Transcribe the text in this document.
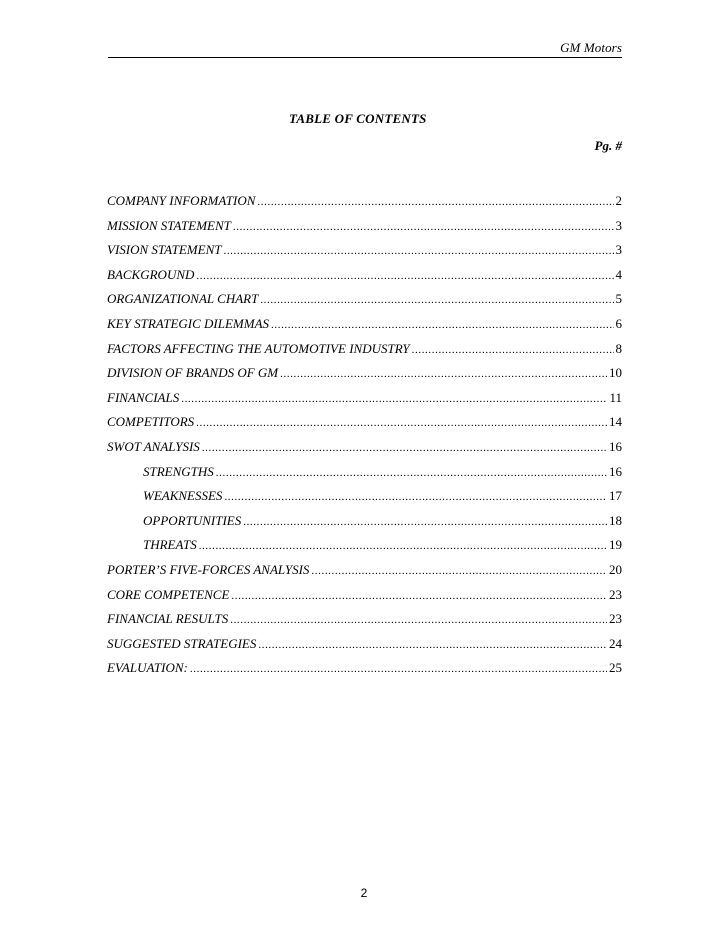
GM Motors
TABLE OF CONTENTS
Pg. #
COMPANY INFORMATION .....	2
MISSION STATEMENT .....	3
VISION STATEMENT .....	3
BACKGROUND .....	4
ORGANIZATIONAL CHART .....	5
KEY STRATEGIC DILEMMAS .....	6
FACTORS AFFECTING THE AUTOMOTIVE INDUSTRY .....	8
DIVISION OF BRANDS OF GM .....	10
FINANCIALS .....	11
COMPETITORS .....	14
SWOT ANALYSIS .....	16
STRENGTHS .....	16
WEAKNESSES .....	17
OPPORTUNITIES .....	18
THREATS .....	19
PORTER’S FIVE-FORCES ANALYSIS .....	20
CORE COMPETENCE .....	23
FINANCIAL RESULTS .....	23
SUGGESTED STRATEGIES .....	24
EVALUATION: .....	25
2
